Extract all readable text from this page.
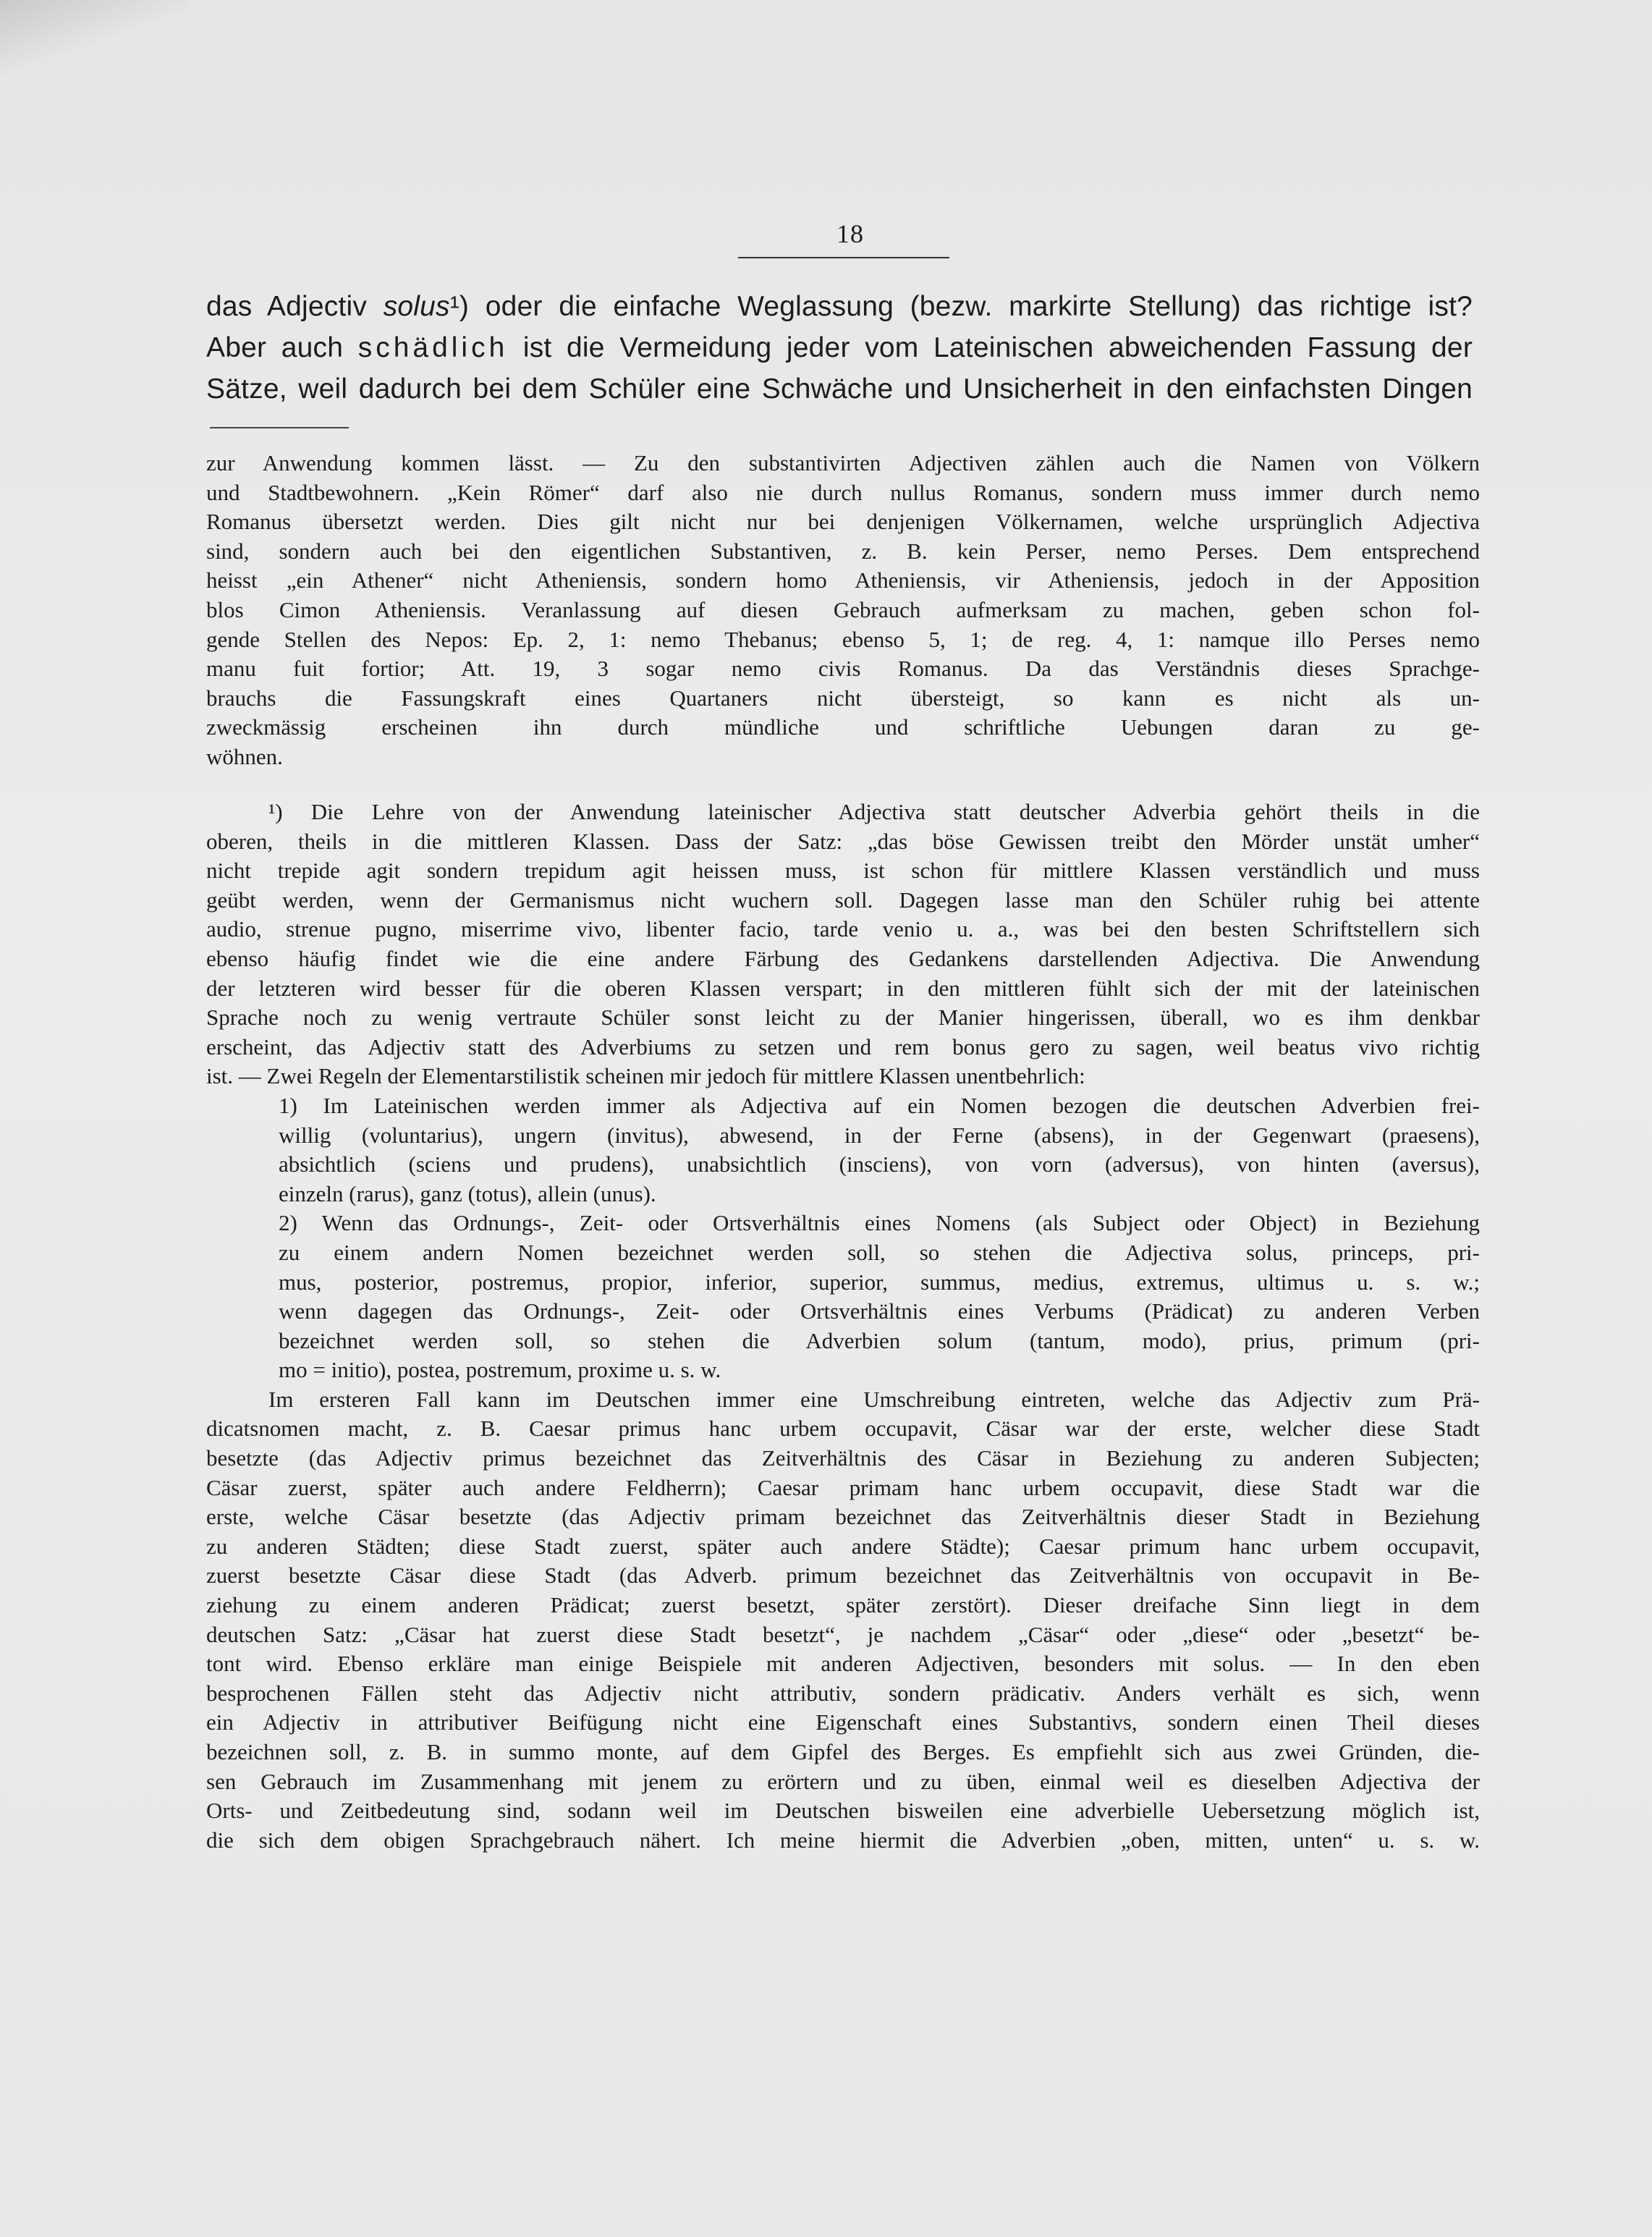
18
das Adjectiv solus¹) oder die einfache Weglassung (bezw. markirte Stellung) das richtige ist?
Aber auch schädlich ist die Vermeidung jeder vom Lateinischen abweichenden Fassung der
Sätze, weil dadurch bei dem Schüler eine Schwäche und Unsicherheit in den einfachsten Dingen
zur Anwendung kommen lässt. — Zu den substantivirten Adjectiven zählen auch die Namen von Völkern
und Stadtbewohnern. „Kein Römer“ darf also nie durch nullus Romanus, sondern muss immer durch nemo
Romanus übersetzt werden. Dies gilt nicht nur bei denjenigen Völkernamen, welche ursprünglich Adjectiva
sind, sondern auch bei den eigentlichen Substantiven, z. B. kein Perser, nemo Perses. Dem entsprechend
heisst „ein Athener“ nicht Atheniensis, sondern homo Atheniensis, vir Atheniensis, jedoch in der Apposition
blos Cimon Atheniensis. Veranlassung auf diesen Gebrauch aufmerksam zu machen, geben schon fol-
gende Stellen des Nepos: Ep. 2, 1: nemo Thebanus; ebenso 5, 1; de reg. 4, 1: namque illo Perses nemo
manu fuit fortior; Att. 19, 3 sogar nemo civis Romanus. Da das Verständnis dieses Sprachge-
brauchs die Fassungskraft eines Quartaners nicht übersteigt, so kann es nicht als un-
zweckmässig erscheinen ihn durch mündliche und schriftliche Uebungen daran zu ge-
wöhnen.
¹) Die Lehre von der Anwendung lateinischer Adjectiva statt deutscher Adverbia gehört theils in die
oberen, theils in die mittleren Klassen. Dass der Satz: „das böse Gewissen treibt den Mörder unstät umher“
nicht trepide agit sondern trepidum agit heissen muss, ist schon für mittlere Klassen verständlich und muss
geübt werden, wenn der Germanismus nicht wuchern soll. Dagegen lasse man den Schüler ruhig bei attente
audio, strenue pugno, miserrime vivo, libenter facio, tarde venio u. a., was bei den besten Schriftstellern sich
ebenso häufig findet wie die eine andere Färbung des Gedankens darstellenden Adjectiva. Die Anwendung
der letzteren wird besser für die oberen Klassen verspart; in den mittleren fühlt sich der mit der lateinischen
Sprache noch zu wenig vertraute Schüler sonst leicht zu der Manier hingerissen, überall, wo es ihm denkbar
erscheint, das Adjectiv statt des Adverbiums zu setzen und rem bonus gero zu sagen, weil beatus vivo richtig
ist. — Zwei Regeln der Elementarstilistik scheinen mir jedoch für mittlere Klassen unentbehrlich:
1) Im Lateinischen werden immer als Adjectiva auf ein Nomen bezogen die deutschen Adverbien frei-
willig (voluntarius), ungern (invitus), abwesend, in der Ferne (absens), in der Gegenwart (praesens),
absichtlich (sciens und prudens), unabsichtlich (insciens), von vorn (adversus), von hinten (aversus),
einzeln (rarus), ganz (totus), allein (unus).
2) Wenn das Ordnungs-, Zeit- oder Ortsverhältnis eines Nomens (als Subject oder Object) in Beziehung
zu einem andern Nomen bezeichnet werden soll, so stehen die Adjectiva solus, princeps, pri-
mus, posterior, postremus, propior, inferior, superior, summus, medius, extremus, ultimus u. s. w.;
wenn dagegen das Ordnungs-, Zeit- oder Ortsverhältnis eines Verbums (Prädicat) zu anderen Verben
bezeichnet werden soll, so stehen die Adverbien solum (tantum, modo), prius, primum (pri-
mo = initio), postea, postremum, proxime u. s. w.
Im ersteren Fall kann im Deutschen immer eine Umschreibung eintreten, welche das Adjectiv zum Prä-
dicatsnomen macht, z. B. Caesar primus hanc urbem occupavit, Cäsar war der erste, welcher diese Stadt
besetzte (das Adjectiv primus bezeichnet das Zeitverhältnis des Cäsar in Beziehung zu anderen Subjecten;
Cäsar zuerst, später auch andere Feldherrn); Caesar primam hanc urbem occupavit, diese Stadt war die
erste, welche Cäsar besetzte (das Adjectiv primam bezeichnet das Zeitverhältnis dieser Stadt in Beziehung
zu anderen Städten; diese Stadt zuerst, später auch andere Städte); Caesar primum hanc urbem occupavit,
zuerst besetzte Cäsar diese Stadt (das Adverb. primum bezeichnet das Zeitverhältnis von occupavit in Be-
ziehung zu einem anderen Prädicat; zuerst besetzt, später zerstört). Dieser dreifache Sinn liegt in dem
deutschen Satz: „Cäsar hat zuerst diese Stadt besetzt“, je nachdem „Cäsar“ oder „diese“ oder „besetzt“ be-
tont wird. Ebenso erkläre man einige Beispiele mit anderen Adjectiven, besonders mit solus. — In den eben
besprochenen Fällen steht das Adjectiv nicht attributiv, sondern prädicativ. Anders verhält es sich, wenn
ein Adjectiv in attributiver Beifügung nicht eine Eigenschaft eines Substantivs, sondern einen Theil dieses
bezeichnen soll, z. B. in summo monte, auf dem Gipfel des Berges. Es empfiehlt sich aus zwei Gründen, die-
sen Gebrauch im Zusammenhang mit jenem zu erörtern und zu üben, einmal weil es dieselben Adjectiva der
Orts- und Zeitbedeutung sind, sodann weil im Deutschen bisweilen eine adverbielle Uebersetzung möglich ist,
die sich dem obigen Sprachgebrauch nähert. Ich meine hiermit die Adverbien „oben, mitten, unten“ u. s. w.
